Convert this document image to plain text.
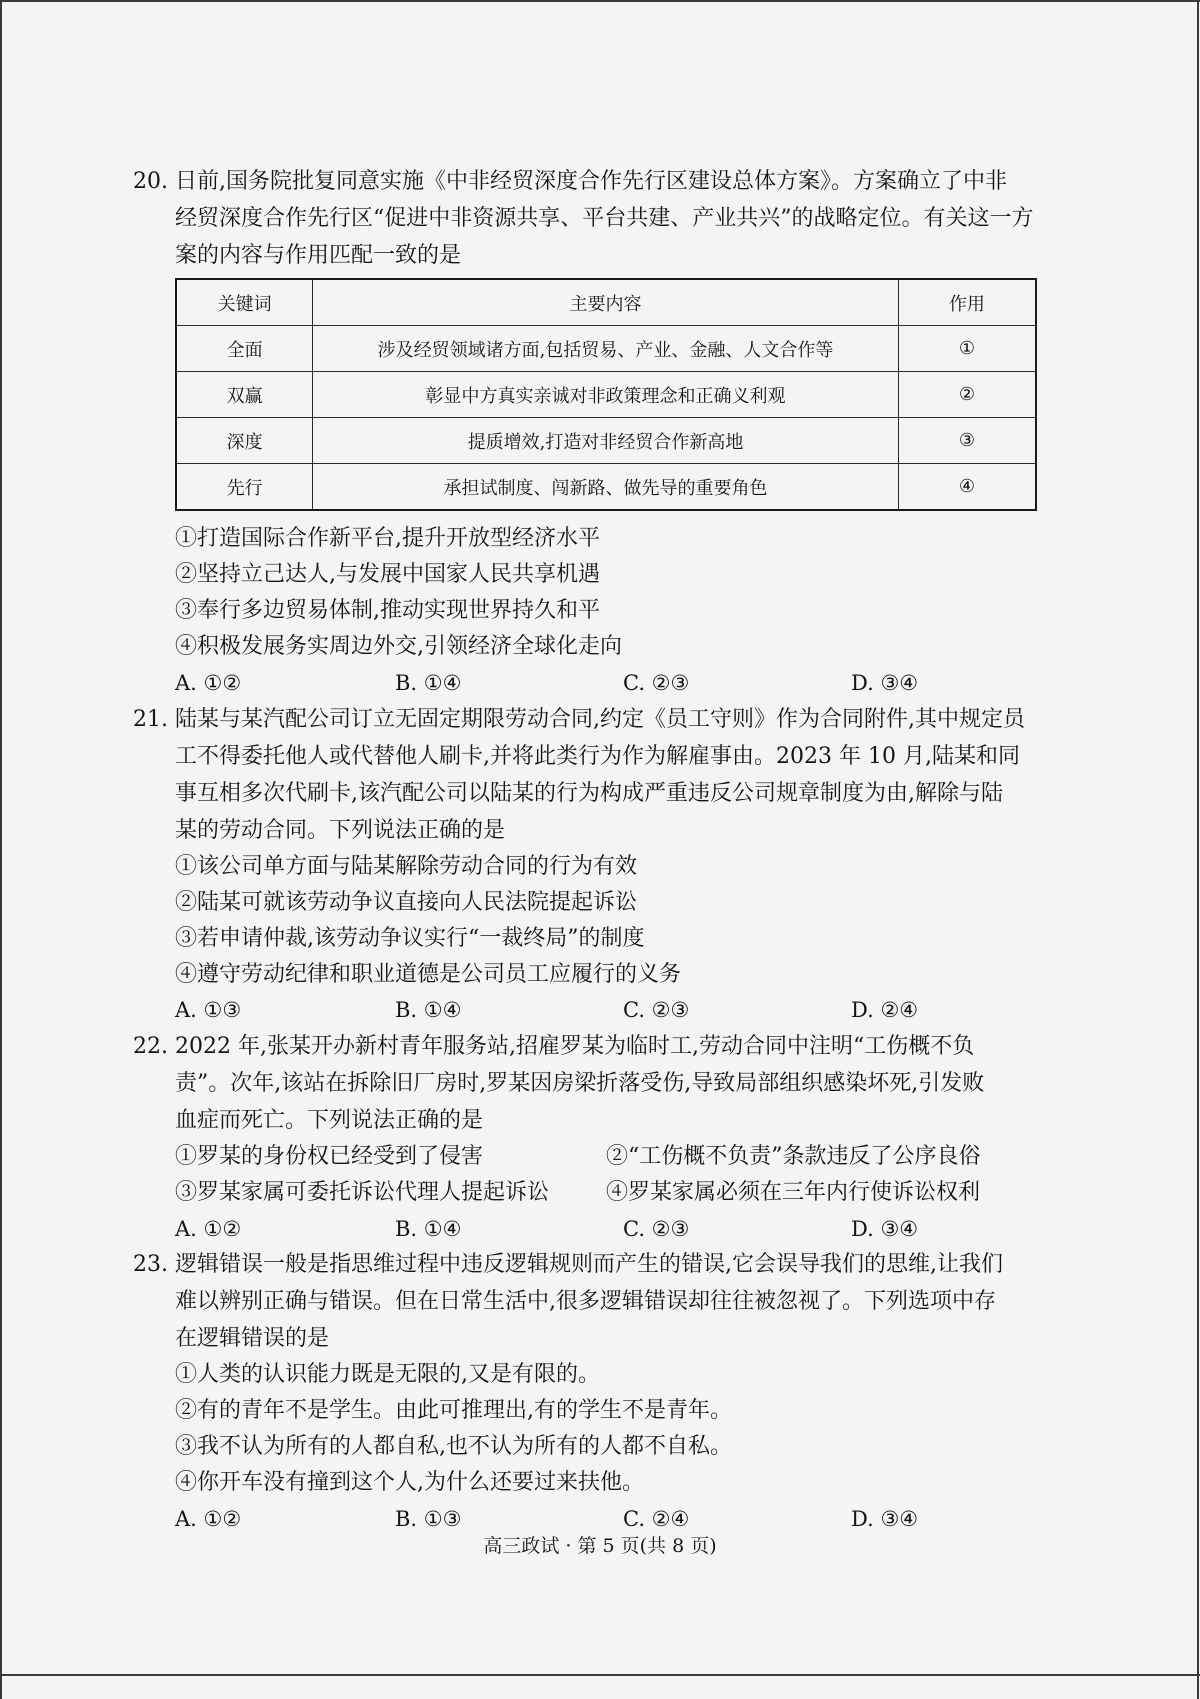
20. 日前,国务院批复同意实施《中非经贸深度合作先行区建设总体方案》。方案确立了中非
经贸深度合作先行区“促进中非资源共享、平台共建、产业共兴”的战略定位。有关这一方
案的内容与作用匹配一致的是
关键词	主要内容	作用
全面	涉及经贸领域诸方面,包括贸易、产业、金融、人文合作等	①
双赢	彰显中方真实亲诚对非政策理念和正确义利观	②
深度	提质增效,打造对非经贸合作新高地	③
先行	承担试制度、闯新路、做先导的重要角色	④
①打造国际合作新平台,提升开放型经济水平
②坚持立己达人,与发展中国家人民共享机遇
③奉行多边贸易体制,推动实现世界持久和平
④积极发展务实周边外交,引领经济全球化走向
A. ①②	B. ①④	C. ②③	D. ③④
21. 陆某与某汽配公司订立无固定期限劳动合同,约定《员工守则》作为合同附件,其中规定员
工不得委托他人或代替他人刷卡,并将此类行为作为解雇事由。2023 年 10 月,陆某和同
事互相多次代刷卡,该汽配公司以陆某的行为构成严重违反公司规章制度为由,解除与陆
某的劳动合同。下列说法正确的是
①该公司单方面与陆某解除劳动合同的行为有效
②陆某可就该劳动争议直接向人民法院提起诉讼
③若申请仲裁,该劳动争议实行“一裁终局”的制度
④遵守劳动纪律和职业道德是公司员工应履行的义务
A. ①③	B. ①④	C. ②③	D. ②④
22. 2022 年,张某开办新村青年服务站,招雇罗某为临时工,劳动合同中注明“工伤概不负
责”。次年,该站在拆除旧厂房时,罗某因房梁折落受伤,导致局部组织感染坏死,引发败
血症而死亡。下列说法正确的是
①罗某的身份权已经受到了侵害	②“工伤概不负责”条款违反了公序良俗
③罗某家属可委托诉讼代理人提起诉讼	④罗某家属必须在三年内行使诉讼权利
A. ①②	B. ①④	C. ②③	D. ③④
23. 逻辑错误一般是指思维过程中违反逻辑规则而产生的错误,它会误导我们的思维,让我们
难以辨别正确与错误。但在日常生活中,很多逻辑错误却往往被忽视了。下列选项中存
在逻辑错误的是
①人类的认识能力既是无限的,又是有限的。
②有的青年不是学生。由此可推理出,有的学生不是青年。
③我不认为所有的人都自私,也不认为所有的人都不自私。
④你开车没有撞到这个人,为什么还要过来扶他。
A. ①②	B. ①③	C. ②④	D. ③④
高三政试 · 第 5 页(共 8 页)
